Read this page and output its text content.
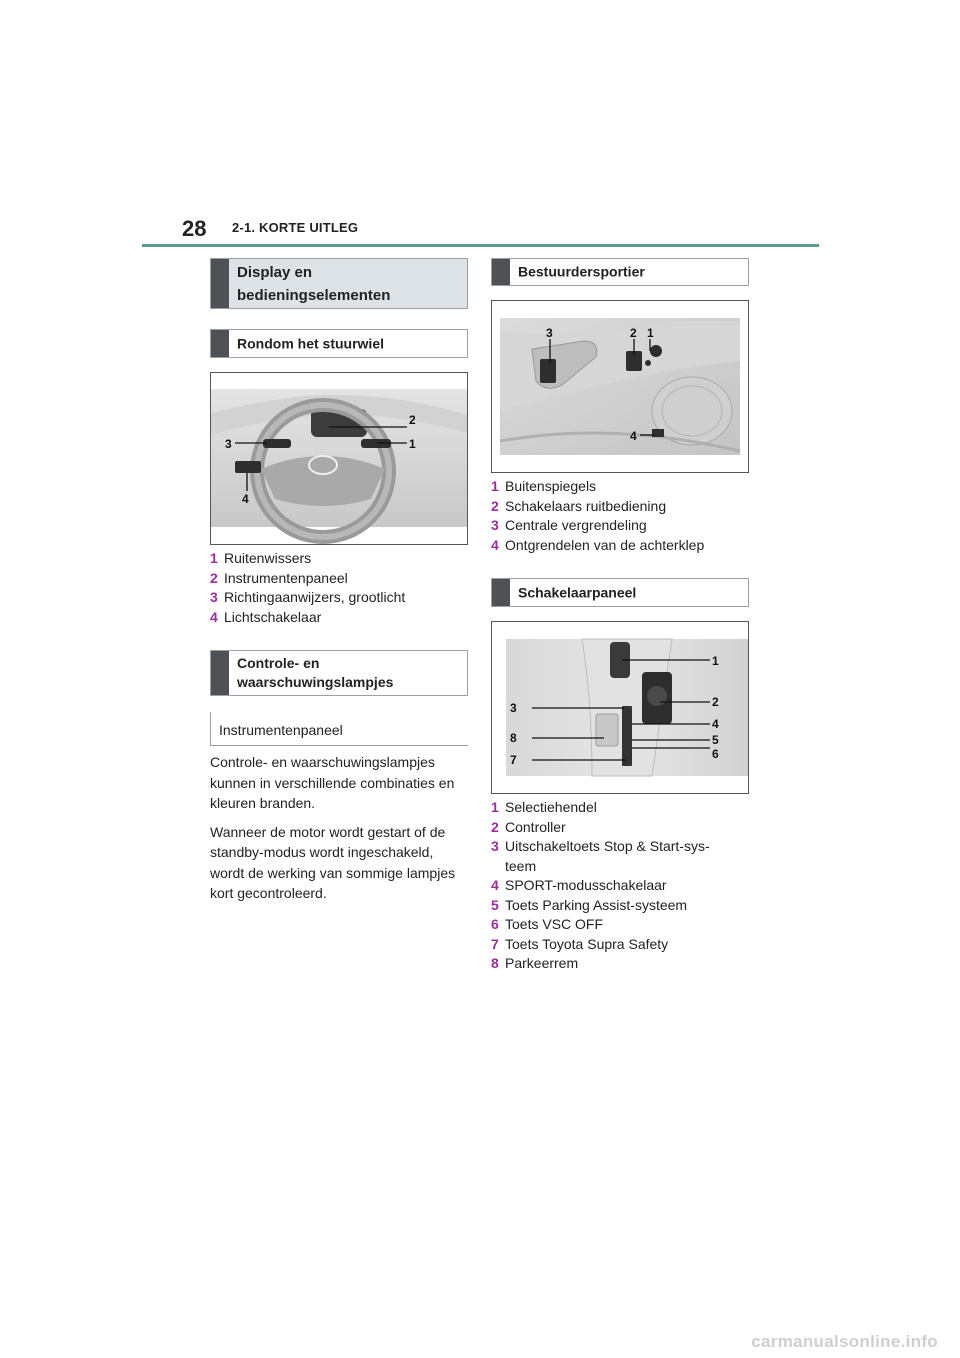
28 2-1. KORTE UITLEG
Display en bedieningselementen
Rondom het stuurwiel
2
1
3
4
1 Ruitenwissers
2 Instrumentenpaneel
3 Richtingaanwijzers, grootlicht
4 Lichtschakelaar
Controle- en waarschuwingslampjes
Instrumentenpaneel

Controle- en waarschuwingslampjes kunnen in verschillende combinaties en kleuren branden.

Wanneer de motor wordt gestart of de standby-modus wordt ingeschakeld, wordt de werking van sommige lampjes kort gecontroleerd.

Bestuurdersportier
3	2 1
4
1 Buitenspiegels
2 Schakelaars ruitbediening
3 Centrale vergrendeling
4 Ontgrendelen van de achterklep
Schakelaarpaneel
3
8
7
1
2
4
5
6
1 Selectiehendel
2 Controller
3 Uitschakeltoets Stop & Start-sys-teem
4 SPORT-modusschakelaar
5 Toets Parking Assist-systeem
6 Toets VSC OFF
7 Toets Toyota Supra Safety
8 Parkeerrem
carmanualsonline.info
